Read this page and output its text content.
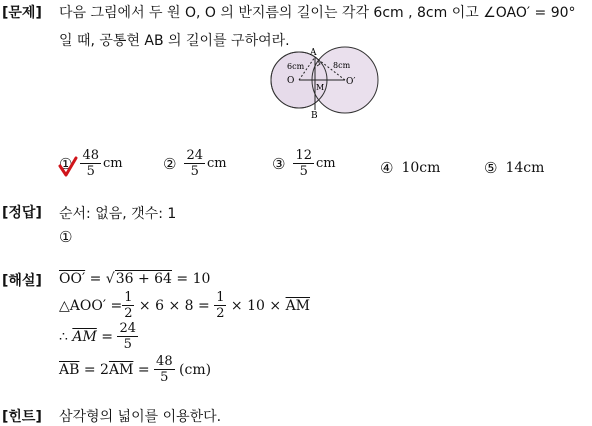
[문제] 다음 그림에서 두 원 O, O 의 반지름의 길이는 각각 6cm , 8cm 이고 ∠OAO′ = 90°
일 때, 공통현 AB 의 길이를 구하여라.
A
B
O	O′
M
6cm	8cm
① $\frac{48}{5}$ cm	② $\frac{24}{5}$ cm	③ $\frac{12}{5}$ cm	④ 10cm	⑤ 14cm
[정답] 순서: 없음, 갯수: 1
①
[해설] OO′ = √36 + 64 = 10
△AOO′ = $\frac{1}{2} \times 6 \times 8 = \frac{1}{2} \times 10 \times \overline{AM}$
∴ $\overline{AM} = \frac{24}{5}$
$\overline{AB} = 2$ $\overline{AM} = \frac{48}{5} (cm)$
[힌트] 삼각형의 넓이를 이용한다.
